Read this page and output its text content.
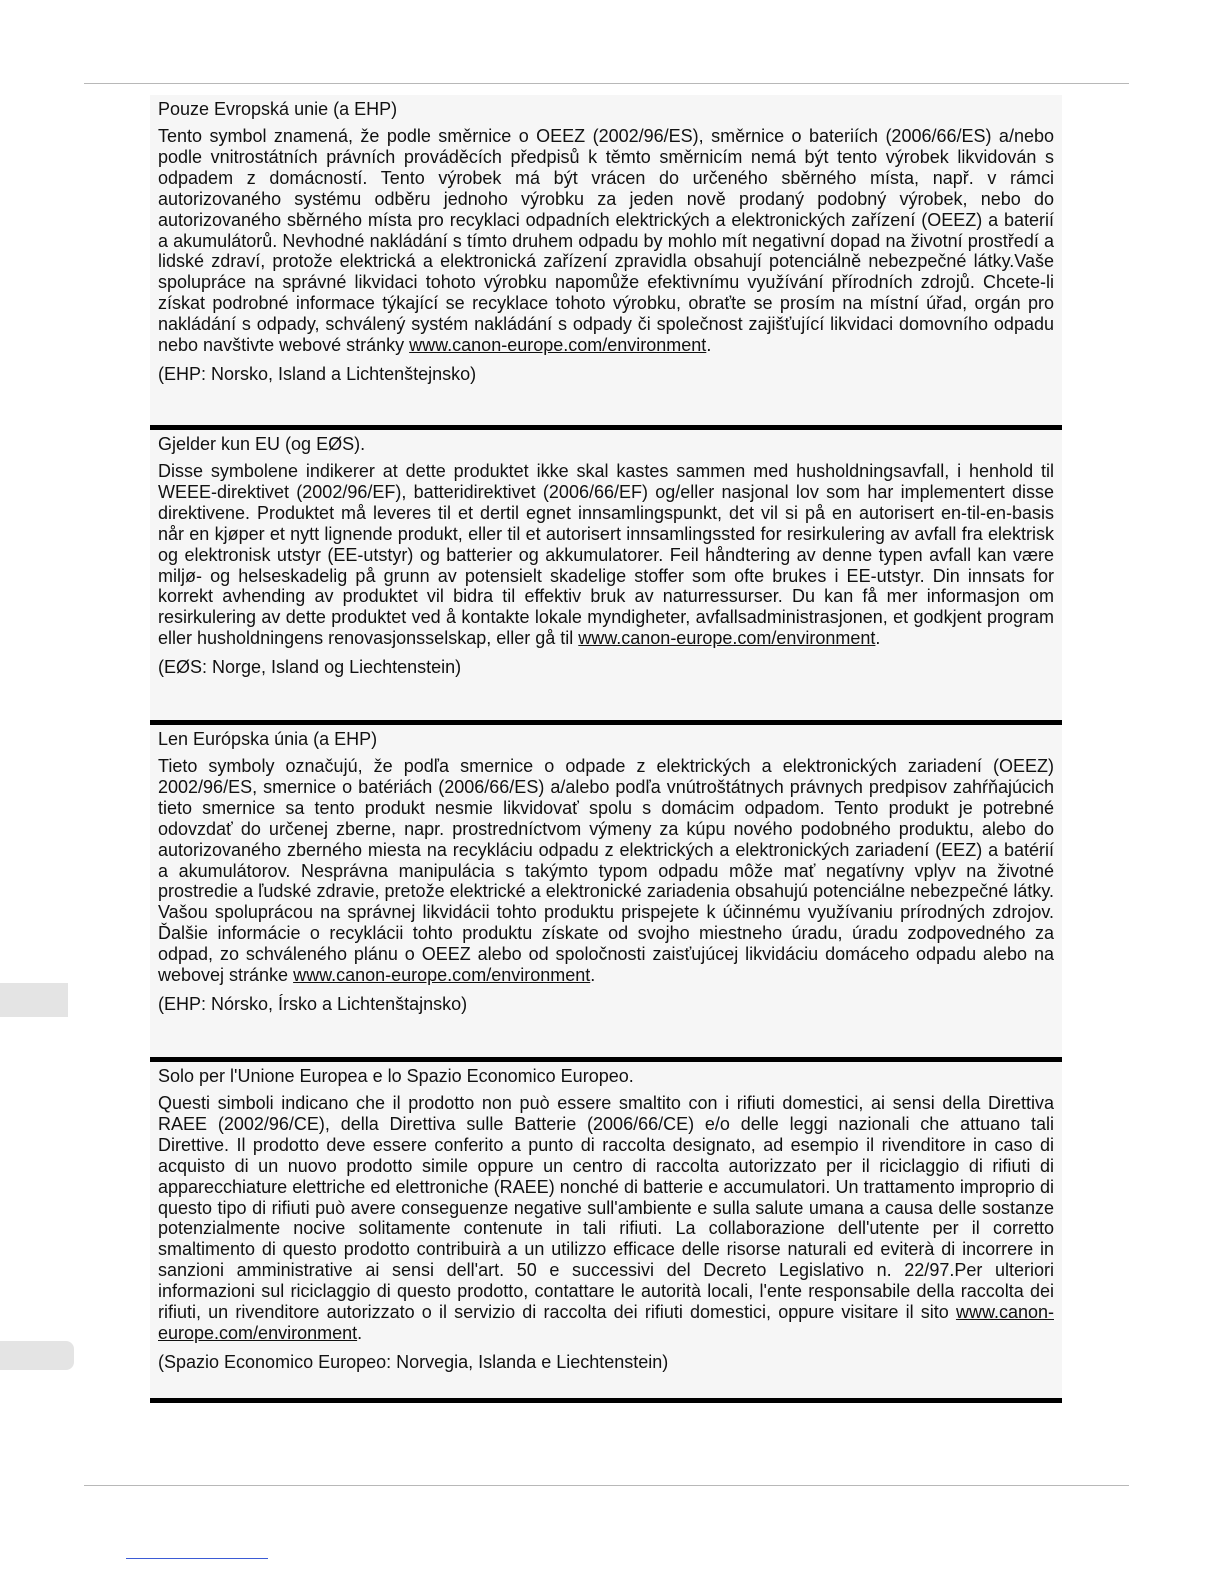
Pouze Evropská unie (a EHP)

Tento symbol znamená, že podle směrnice o OEEZ (2002/96/ES), směrnice o bateriích (2006/66/ES) a/nebo podle vnitrostátních právních prováděcích předpisů k těmto směrnicím nemá být tento výrobek likvidován s odpadem z domácností. Tento výrobek má být vrácen do určeného sběrného místa, např. v rámci autorizovaného systému odběru jednoho výrobku za jeden nově prodaný podobný výrobek, nebo do autorizovaného sběrného místa pro recyklaci odpadních elektrických a elektronických zařízení (OEEZ) a baterií a akumulátorů. Nevhodné nakládání s tímto druhem odpadu by mohlo mít negativní dopad na životní prostředí a lidské zdraví, protože elektrická a elektronická zařízení zpravidla obsahují potenciálně nebezpečné látky.Vaše spolupráce na správné likvidaci tohoto výrobku napomůže efektivnímu využívání přírodních zdrojů. Chcete-li získat podrobné informace týkající se recyklace tohoto výrobku, obraťte se prosím na místní úřad, orgán pro nakládání s odpady, schválený systém nakládání s odpady či společnost zajišťující likvidaci domovního odpadu nebo navštivte webové stránky www.canon-europe.com/environment.

(EHP: Norsko, Island a Lichtenštejnsko)

Gjelder kun EU (og EØS).

Disse symbolene indikerer at dette produktet ikke skal kastes sammen med husholdningsavfall, i henhold til WEEE-direktivet (2002/96/EF), batteridirektivet (2006/66/EF) og/eller nasjonal lov som har implementert disse direktivene. Produktet må leveres til et dertil egnet innsamlingspunkt, det vil si på en autorisert en-til-en-basis når en kjøper et nytt lignende produkt, eller til et autorisert innsamlingssted for resirkulering av avfall fra elektrisk og elektronisk utstyr (EE-utstyr) og batterier og akkumulatorer. Feil håndtering av denne typen avfall kan være miljø- og helseskadelig på grunn av potensielt skadelige stoffer som ofte brukes i EE-utstyr. Din innsats for korrekt avhending av produktet vil bidra til effektiv bruk av naturressurser. Du kan få mer informasjon om resirkulering av dette produktet ved å kontakte lokale myndigheter, avfallsadministrasjonen, et godkjent program eller husholdningens renovasjonsselskap, eller gå til www.canon-europe.com/environment.

(EØS: Norge, Island og Liechtenstein)

Len Európska únia (a EHP)

Tieto symboly označujú, že podľa smernice o odpade z elektrických a elektronických zariadení (OEEZ) 2002/96/ES, smernice o batériách (2006/66/ES) a/alebo podľa vnútroštátnych právnych predpisov zahŕňajúcich tieto smernice sa tento produkt nesmie likvidovať spolu s domácim odpadom. Tento produkt je potrebné odovzdať do určenej zberne, napr. prostredníctvom výmeny za kúpu nového podobného produktu, alebo do autorizovaného zberného miesta na recykláciu odpadu z elektrických a elektronických zariadení (EEZ) a batérií a akumulátorov. Nesprávna manipulácia s takýmto typom odpadu môže mať negatívny vplyv na životné prostredie a ľudské zdravie, pretože elektrické a elektronické zariadenia obsahujú potenciálne nebezpečné látky. Vašou spoluprácou na správnej likvidácii tohto produktu prispejete k účinnému využívaniu prírodných zdrojov. Ďalšie informácie o recyklácii tohto produktu získate od svojho miestneho úradu, úradu zodpovedného za odpad, zo schváleného plánu o OEEZ alebo od spoločnosti zaisťujúcej likvidáciu domáceho odpadu alebo na webovej stránke www.canon-europe.com/environment.

(EHP: Nórsko, Írsko a Lichtenštajnsko)

Solo per l'Unione Europea e lo Spazio Economico Europeo.

Questi simboli indicano che il prodotto non può essere smaltito con i rifiuti domestici, ai sensi della Direttiva RAEE (2002/96/CE), della Direttiva sulle Batterie (2006/66/CE) e/o delle leggi nazionali che attuano tali Direttive. Il prodotto deve essere conferito a punto di raccolta designato, ad esempio il rivenditore in caso di acquisto di un nuovo prodotto simile oppure un centro di raccolta autorizzato per il riciclaggio di rifiuti di apparecchiature elettriche ed elettroniche (RAEE) nonché di batterie e accumulatori. Un trattamento improprio di questo tipo di rifiuti può avere conseguenze negative sull'ambiente e sulla salute umana a causa delle sostanze potenzialmente nocive solitamente contenute in tali rifiuti. La collaborazione dell'utente per il corretto smaltimento di questo prodotto contribuirà a un utilizzo efficace delle risorse naturali ed eviterà di incorrere in sanzioni amministrative ai sensi dell'art. 50 e successivi del Decreto Legislativo n. 22/97.Per ulteriori informazioni sul riciclaggio di questo prodotto, contattare le autorità locali, l'ente responsabile della raccolta dei rifiuti, un rivenditore autorizzato o il servizio di raccolta dei rifiuti domestici, oppure visitare il sito www.canon-europe.com/environment.

(Spazio Economico Europeo: Norvegia, Islanda e Liechtenstein)
